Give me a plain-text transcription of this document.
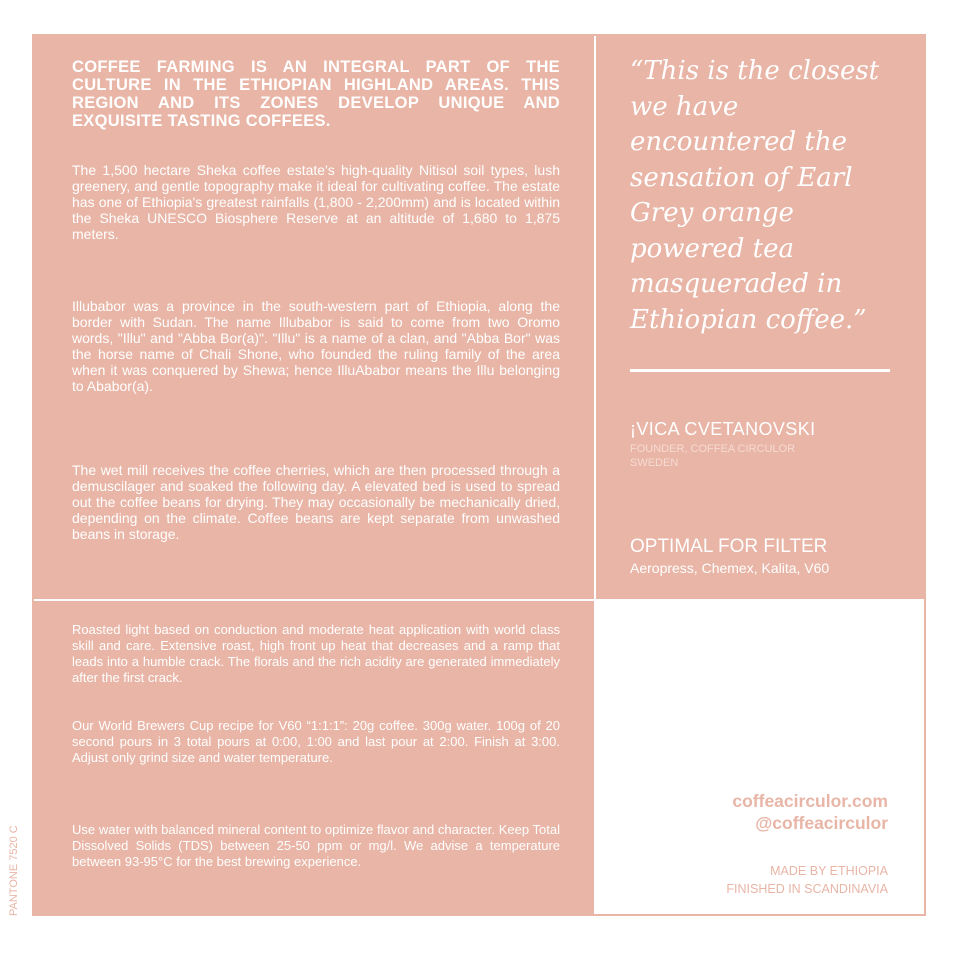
COFFEE FARMING IS AN INTEGRAL PART OF THE CULTURE IN THE ETHIOPIAN HIGHLAND AREAS. THIS REGION AND ITS ZONES DEVELOP UNIQUE AND EXQUISITE TASTING COFFEES.

The 1,500 hectare Sheka coffee estate's high-quality Nitisol soil types, lush greenery, and gentle topography make it ideal for cultivating coffee. The estate has one of Ethiopia's greatest rainfalls (1,800 - 2,200mm) and is located within the Sheka UNESCO Biosphere Reserve at an altitude of 1,680 to 1,875 meters.

Illubabor was a province in the south-western part of Ethiopia, along the border with Sudan. The name Illubabor is said to come from two Oromo words, "Illu" and "Abba Bor(a)". "Illu" is a name of a clan, and "Abba Bor" was the horse name of Chali Shone, who founded the ruling family of the area when it was conquered by Shewa; hence IlluAbabor means the Illu belonging to Ababor(a).

The wet mill receives the coffee cherries, which are then processed through a demuscilager and soaked the following day. A elevated bed is used to spread out the coffee beans for drying. They may occasionally be mechanically dried, depending on the climate. Coffee beans are kept separate from unwashed beans in storage.

“This is the closest we have encountered the sensation of Earl Grey orange powered tea masqueraded in Ethiopian coffee.”

¡VICA CVETANOVSKI

FOUNDER, COFFEA CIRCULOR
SWEDEN

OPTIMAL FOR FILTER

Aeropress, Chemex, Kalita, V60

Roasted light based on conduction and moderate heat application with world class skill and care. Extensive roast, high front up heat that decreases and a ramp that leads into a humble crack. The florals and the rich acidity are generated immediately after the first crack.

Our World Brewers Cup recipe for V60 “1:1:1”: 20g coffee. 300g water. 100g of 20 second pours in 3 total pours at 0:00, 1:00 and last pour at 2:00. Finish at 3:00. Adjust only grind size and water temperature.

Use water with balanced mineral content to optimize flavor and character. Keep Total Dissolved Solids (TDS) between 25-50 ppm or mg/l. We advise a temperature between 93-95°C for the best brewing experience.

coffeacirculor.com

@coffeacirculor

MADE BY ETHIOPIA

FINISHED IN SCANDINAVIA

PANTONE 7520 C
